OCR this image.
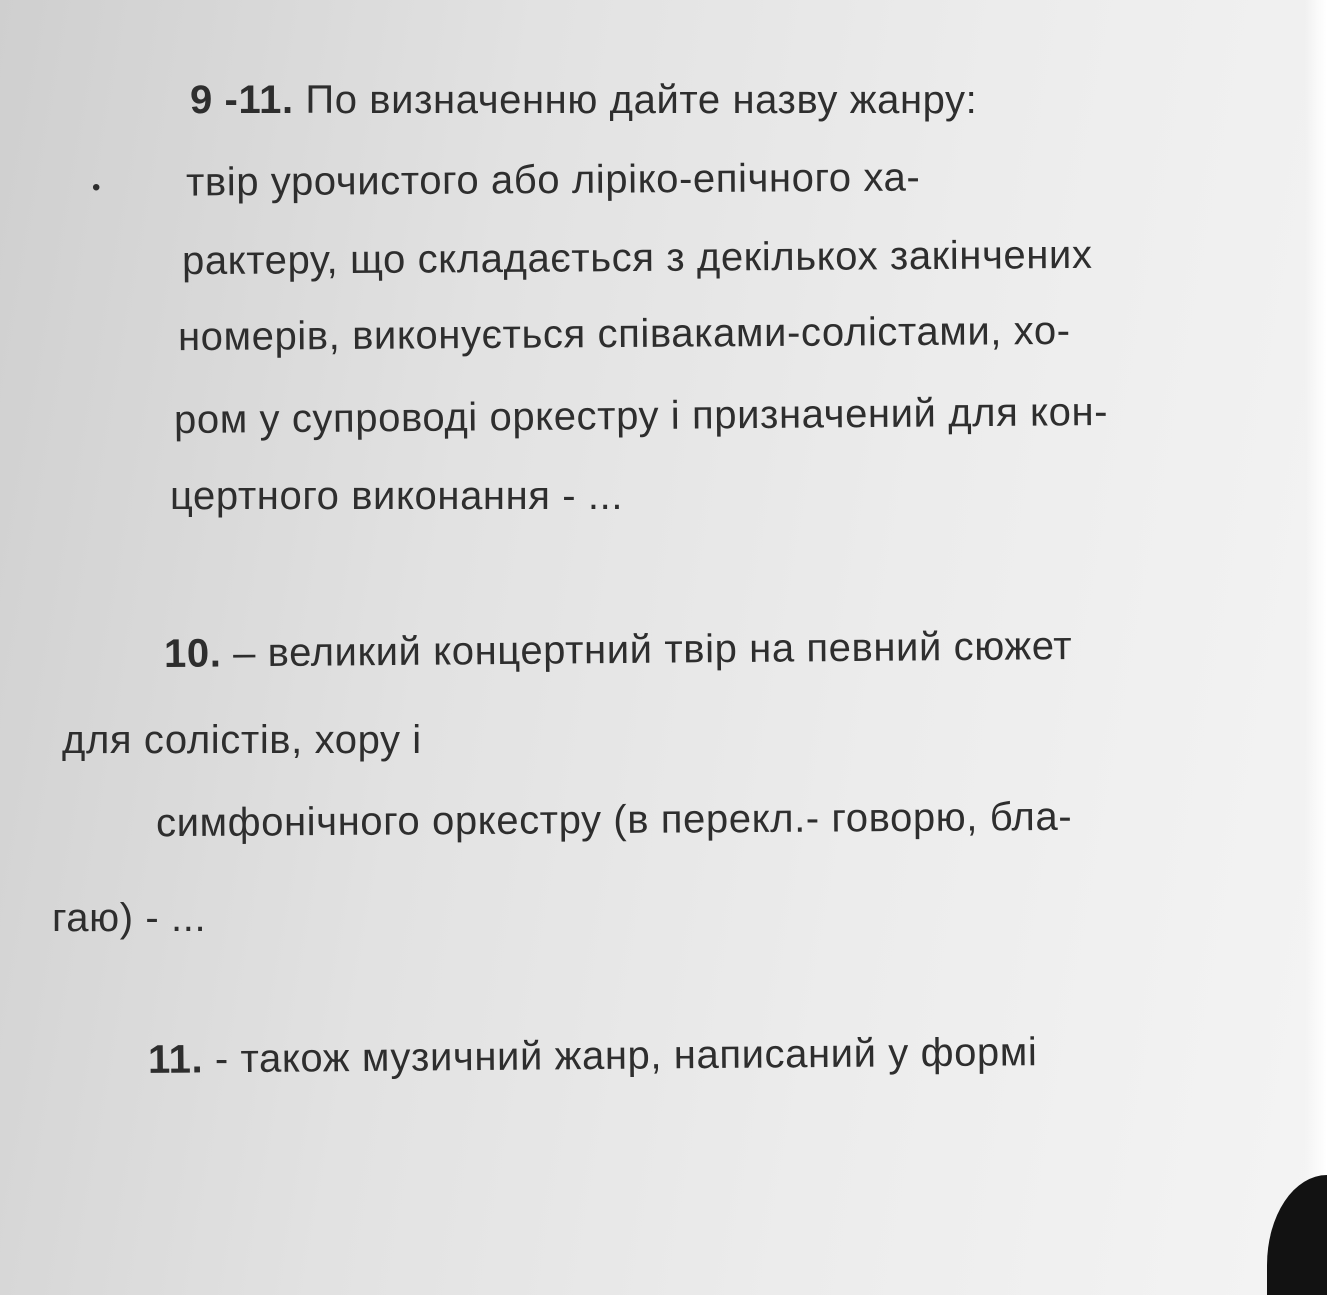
9 -11. По визначенню дайте назву жанру:
• твір урочистого або ліріко-епічного ха-
рактеру, що складається з декількох закінчених
номерів, виконується співаками-солістами, хо-
ром у супроводі оркестру і призначений для кон-
цертного виконання - ...
10. – великий концертний твір на певний сюжет
для солістів, хору і
симфонічного оркестру (в перекл.- говорю, бла-
гаю) - ...
11. - також музичний жанр, написаний у формі
